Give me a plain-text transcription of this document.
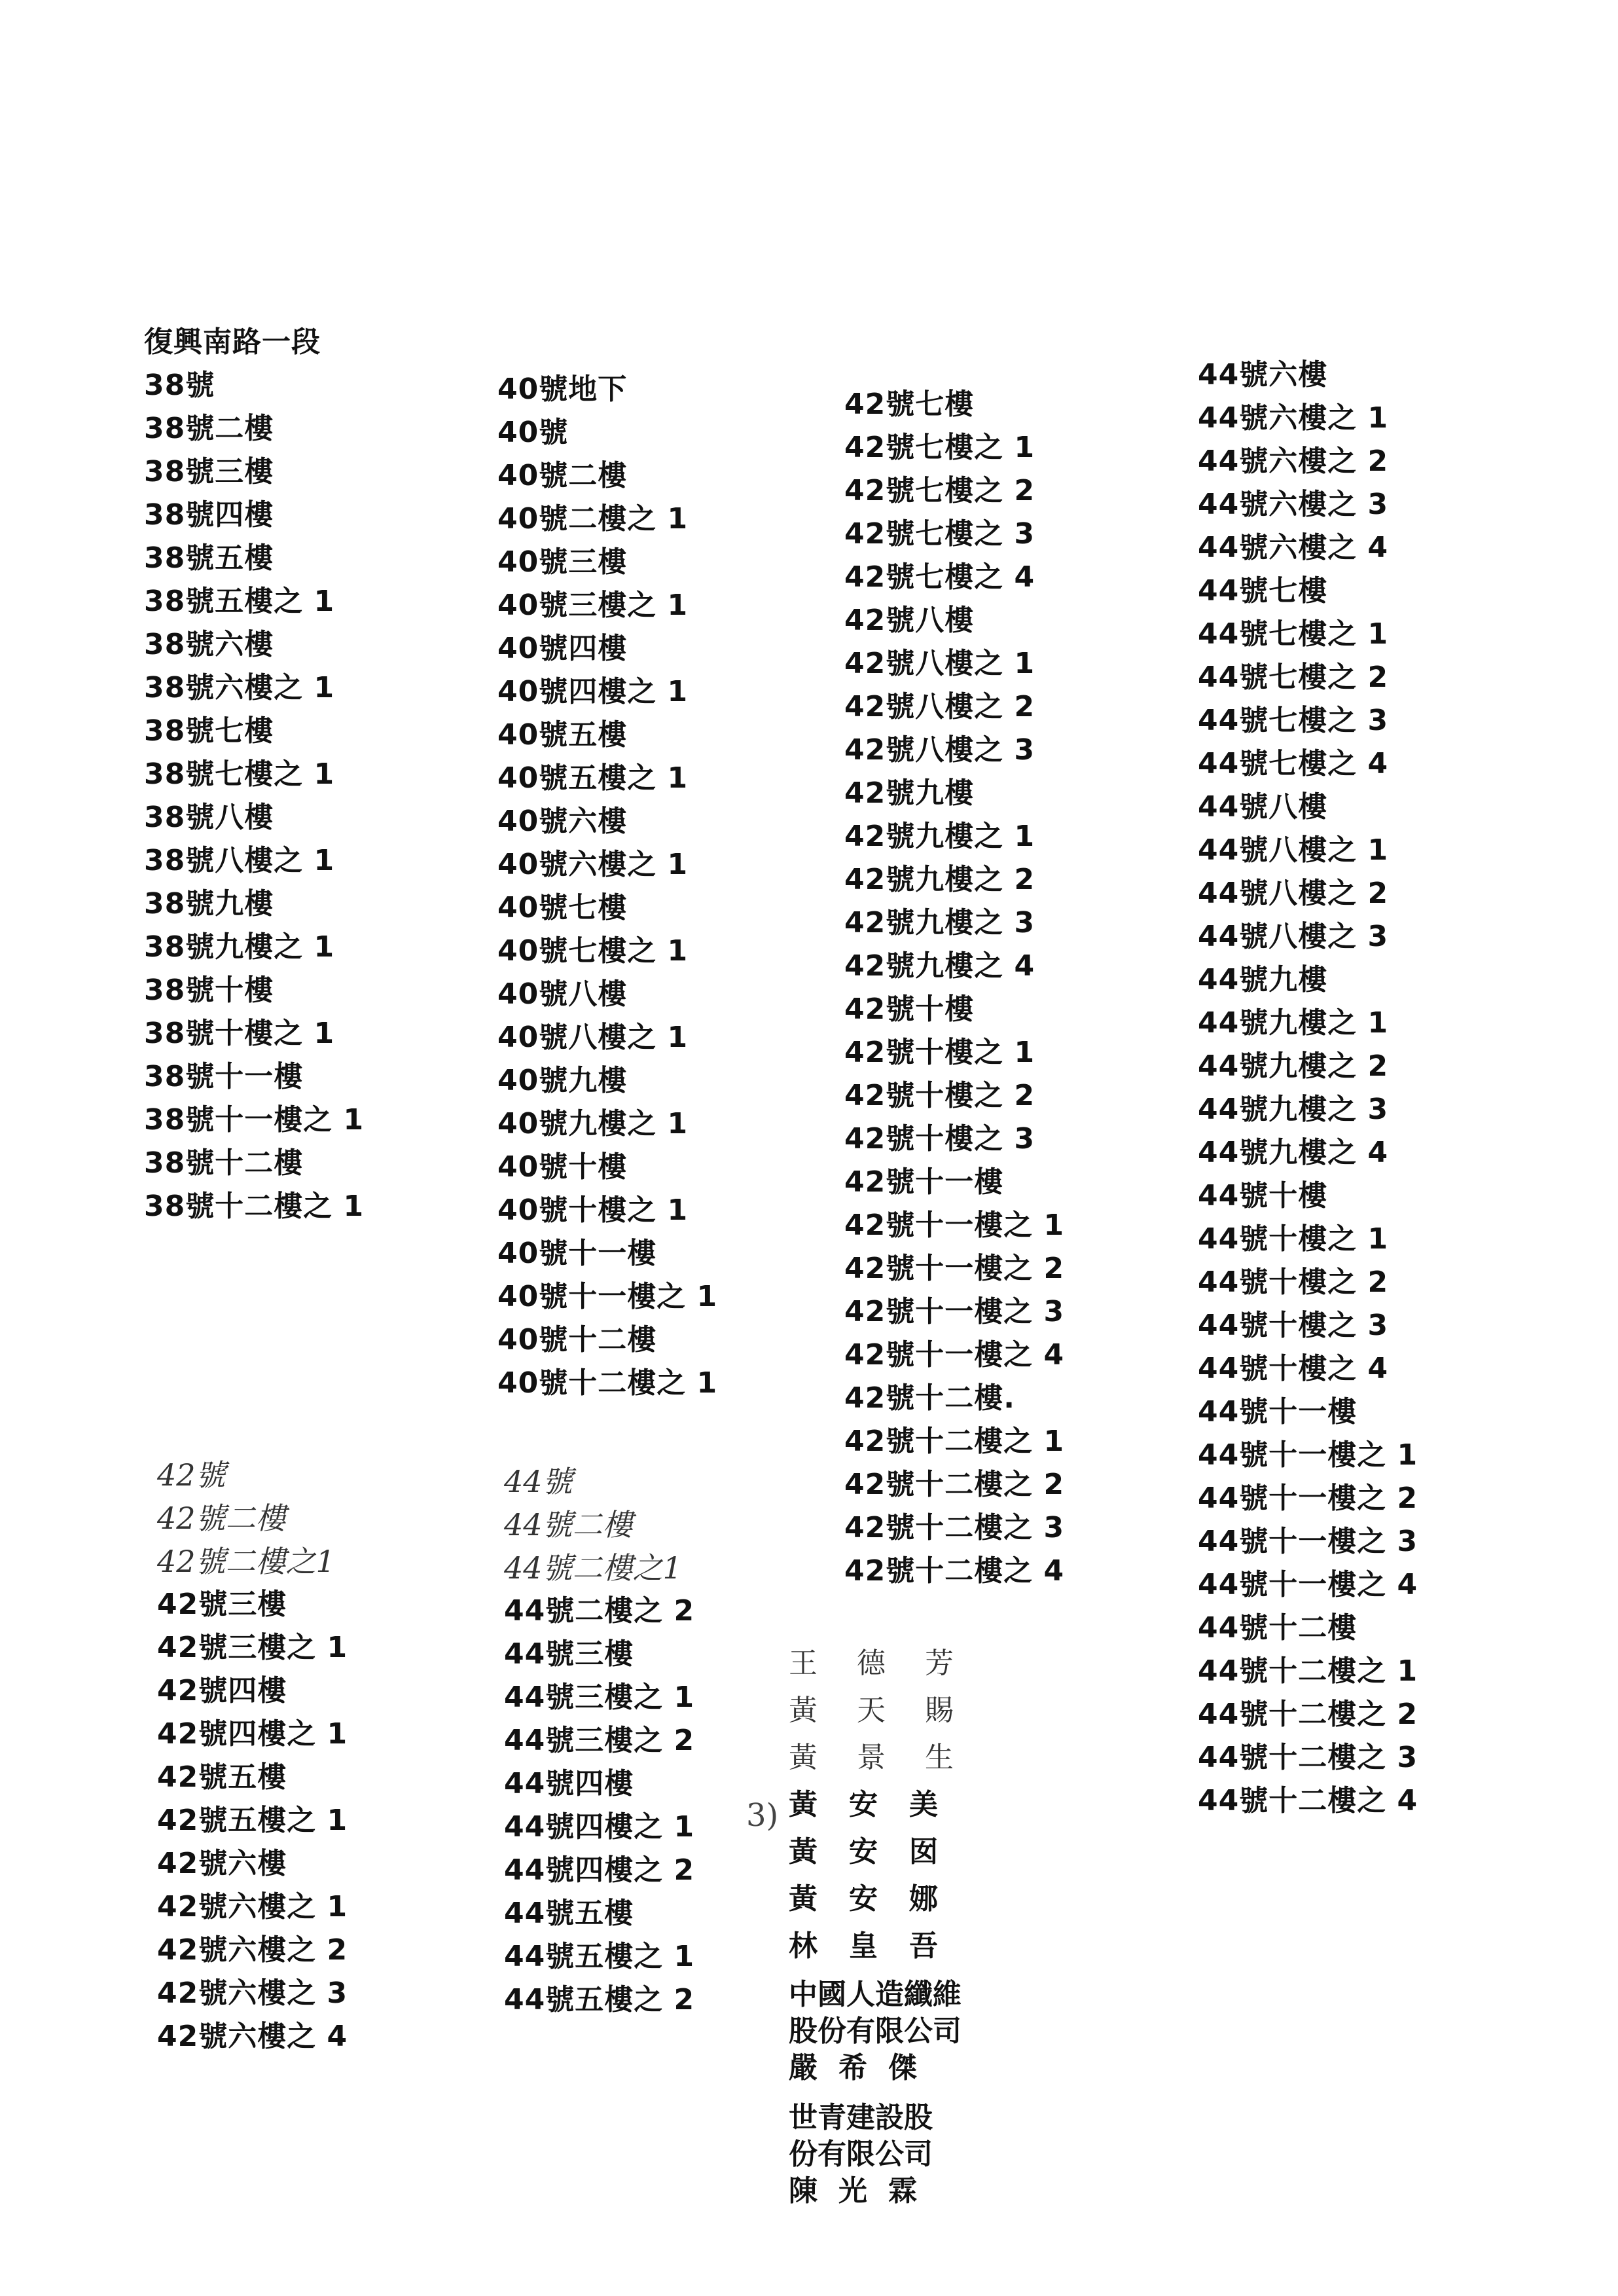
復興南路一段
38號
38號二樓
38號三樓
38號四樓
38號五樓
38號五樓之 1
38號六樓
38號六樓之 1
38號七樓
38號七樓之 1
38號八樓
38號八樓之 1
38號九樓
38號九樓之 1
38號十樓
38號十樓之 1
38號十一樓
38號十一樓之 1
38號十二樓
38號十二樓之 1
40號地下
40號
40號二樓
40號二樓之 1
40號三樓
40號三樓之 1
40號四樓
40號四樓之 1
40號五樓
40號五樓之 1
40號六樓
40號六樓之 1
40號七樓
40號七樓之 1
40號八樓
40號八樓之 1
40號九樓
40號九樓之 1
40號十樓
40號十樓之 1
40號十一樓
40號十一樓之 1
40號十二樓
40號十二樓之 1
42號七樓
42號七樓之 1
42號七樓之 2
42號七樓之 3
42號七樓之 4
42號八樓
42號八樓之 1
42號八樓之 2
42號八樓之 3
42號九樓
42號九樓之 1
42號九樓之 2
42號九樓之 3
42號九樓之 4
42號十樓
42號十樓之 1
42號十樓之 2
42號十樓之 3
42號十一樓
42號十一樓之 1
42號十一樓之 2
42號十一樓之 3
42號十一樓之 4
42號十二樓.
42號十二樓之 1
42號十二樓之 2
42號十二樓之 3
42號十二樓之 4
44號六樓
44號六樓之 1
44號六樓之 2
44號六樓之 3
44號六樓之 4
44號七樓
44號七樓之 1
44號七樓之 2
44號七樓之 3
44號七樓之 4
44號八樓
44號八樓之 1
44號八樓之 2
44號八樓之 3
44號九樓
44號九樓之 1
44號九樓之 2
44號九樓之 3
44號九樓之 4
44號十樓
44號十樓之 1
44號十樓之 2
44號十樓之 3
44號十樓之 4
44號十一樓
44號十一樓之 1
44號十一樓之 2
44號十一樓之 3
44號十一樓之 4
44號十二樓
44號十二樓之 1
44號十二樓之 2
44號十二樓之 3
44號十二樓之 4
42號
42號二樓
42號二樓之1
42號三樓
42號三樓之 1
42號四樓
42號四樓之 1
42號五樓
42號五樓之 1
42號六樓
42號六樓之 1
42號六樓之 2
42號六樓之 3
42號六樓之 4
44號
44號二樓
44號二樓之1
44號二樓之 2
44號三樓
44號三樓之 1
44號三樓之 2
44號四樓
44號四樓之 1
44號四樓之 2
44號五樓
44號五樓之 1
44號五樓之 2
王德芳
黃天賜
黃景生
黃安美
黃安囡
黃安娜
林皇吾
中國人造纖維
股份有限公司
嚴希傑
世青建設股
份有限公司
陳光霖
3)
